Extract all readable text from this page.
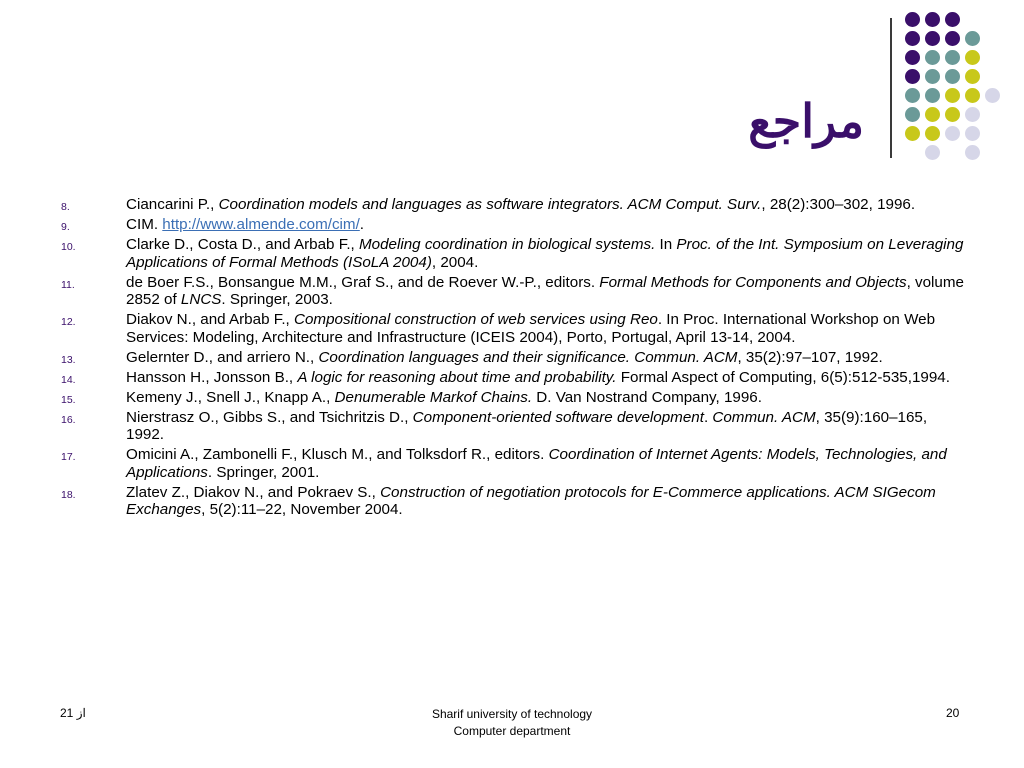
مراجع
8.	Ciancarini P., Coordination models and languages as software integrators. ACM Comput. Surv., 28(2):300–302, 1996.
9.	CIM. http://www.almende.com/cim/.
10.	Clarke D., Costa D., and Arbab F., Modeling coordination in biological systems. In Proc. of the Int. Symposium on Leveraging Applications of Formal Methods (ISoLA 2004), 2004.
11.	de Boer F.S., Bonsangue M.M., Graf S., and de Roever W.-P., editors. Formal Methods for Components and Objects, volume 2852 of LNCS. Springer, 2003.
12.	Diakov N., and Arbab F., Compositional construction of web services using Reo. In Proc. International Workshop on Web Services: Modeling, Architecture and Infrastructure (ICEIS 2004), Porto, Portugal, April 13-14, 2004.
13.	Gelernter D., and arriero N., Coordination languages and their significance. Commun. ACM, 35(2):97–107, 1992.
14.	Hansson H., Jonsson B., A logic for reasoning about time and probability. Formal Aspect of Computing, 6(5):512-535,1994.
15.	Kemeny J., Snell J., Knapp A., Denumerable Markof Chains. D. Van Nostrand Company, 1996.
16.	Nierstrasz O., Gibbs S., and Tsichritzis D., Component-oriented software development. Commun. ACM, 35(9):160–165, 1992.
17.	Omicini A., Zambonelli F., Klusch M., and Tolksdorf R., editors. Coordination of Internet Agents: Models, Technologies, and Applications. Springer, 2001.
18.	Zlatev Z., Diakov N., and Pokraev S., Construction of negotiation protocols for E-Commerce applications. ACM SIGecom Exchanges, 5(2):11–22, November 2004.
21 از	Sharif university of technology
Computer department
20
